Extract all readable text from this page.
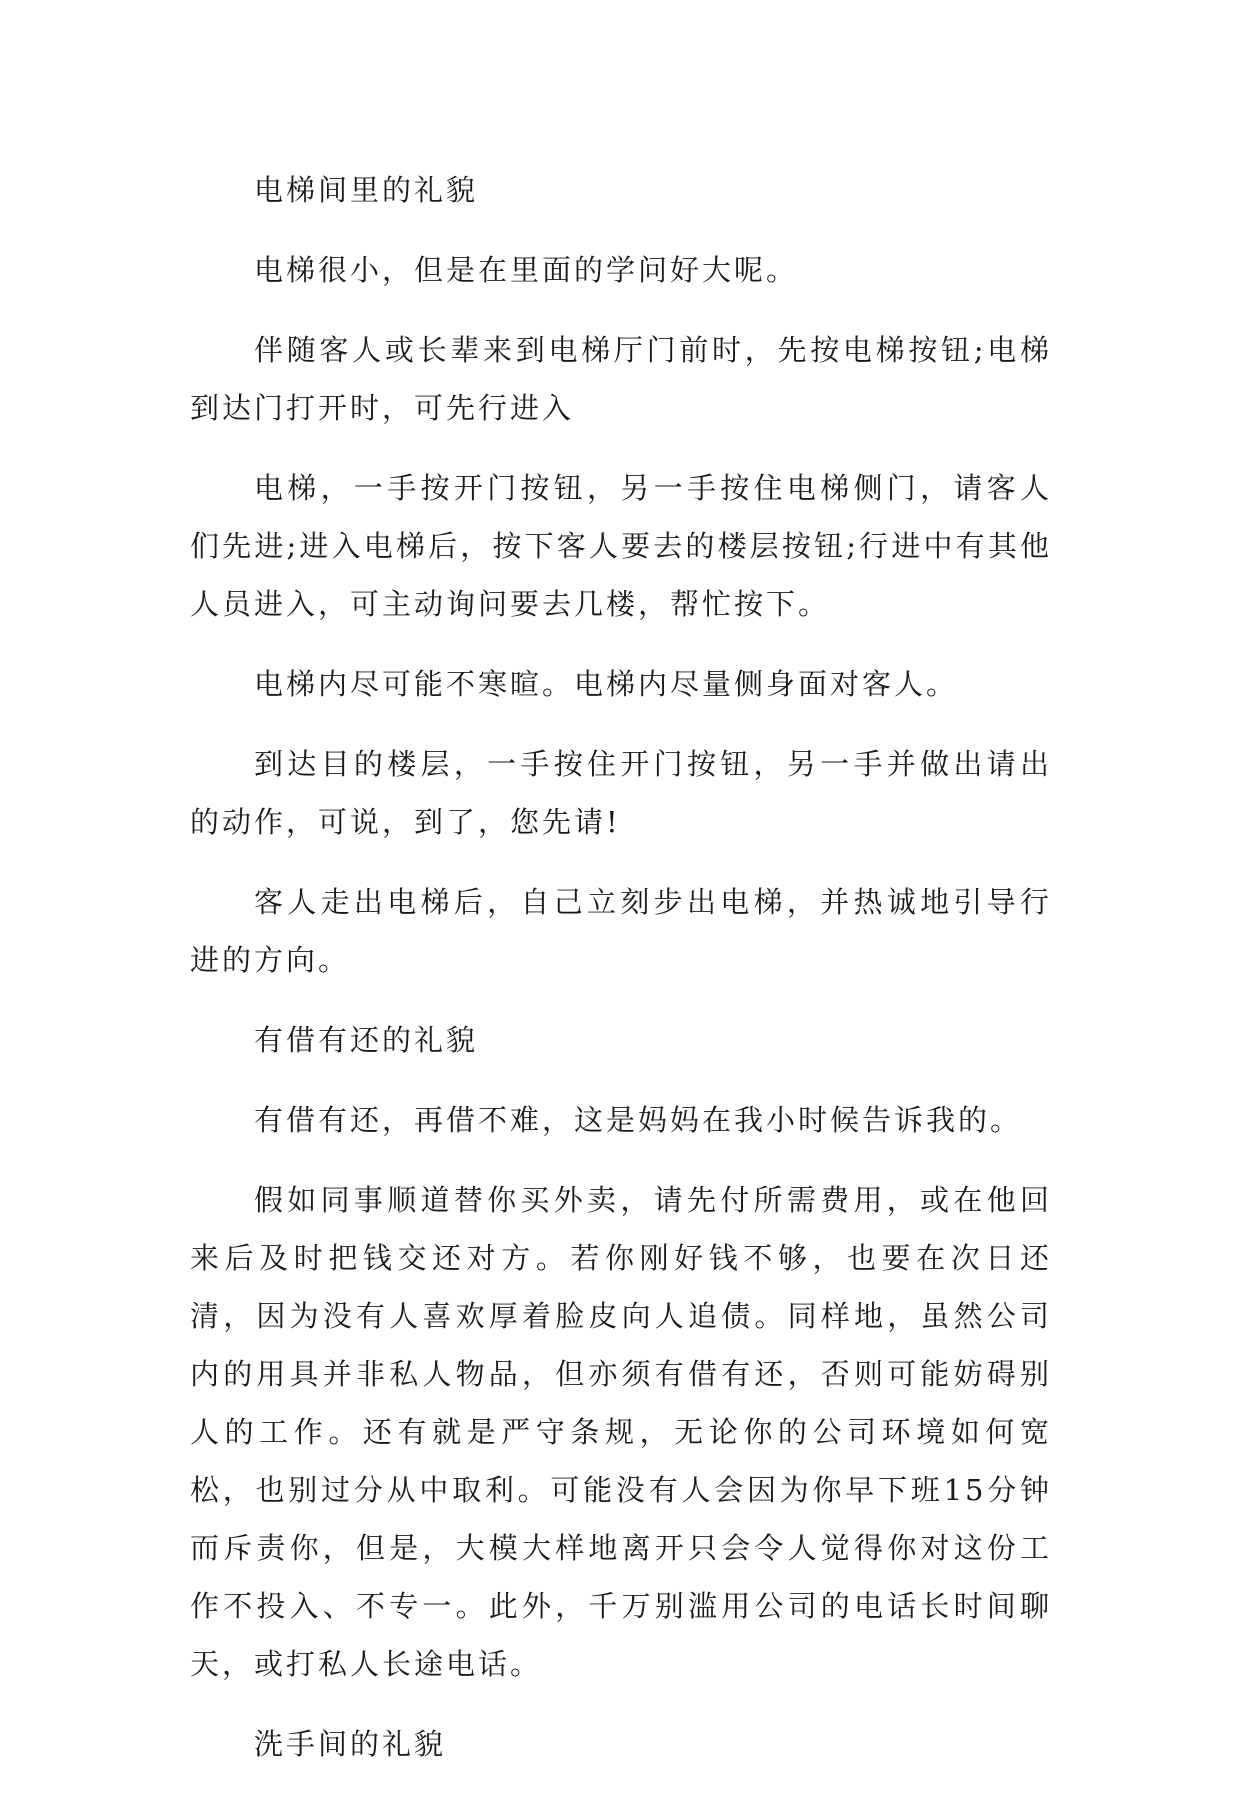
电梯间里的礼貌

电梯很小，但是在里面的学问好大呢。

伴随客人或长辈来到电梯厅门前时，先按电梯按钮;电梯到达门打开时，可先行进入

电梯，一手按开门按钮，另一手按住电梯侧门，请客人们先进;进入电梯后，按下客人要去的楼层按钮;行进中有其他人员进入，可主动询问要去几楼，帮忙按下。

电梯内尽可能不寒暄。电梯内尽量侧身面对客人。

到达目的楼层，一手按住开门按钮，另一手并做出请出的动作，可说，到了，您先请!

客人走出电梯后，自己立刻步出电梯，并热诚地引导行进的方向。

有借有还的礼貌

有借有还，再借不难，这是妈妈在我小时候告诉我的。

假如同事顺道替你买外卖，请先付所需费用，或在他回来后及时把钱交还对方。若你刚好钱不够，也要在次日还清，因为没有人喜欢厚着脸皮向人追债。同样地，虽然公司内的用具并非私人物品，但亦须有借有还，否则可能妨碍别人的工作。还有就是严守条规，无论你的公司环境如何宽松，也别过分从中取利。可能没有人会因为你早下班15分钟而斥责你，但是，大模大样地离开只会令人觉得你对这份工作不投入、不专一。此外，千万别滥用公司的电话长时间聊天，或打私人长途电话。

洗手间的礼貌
